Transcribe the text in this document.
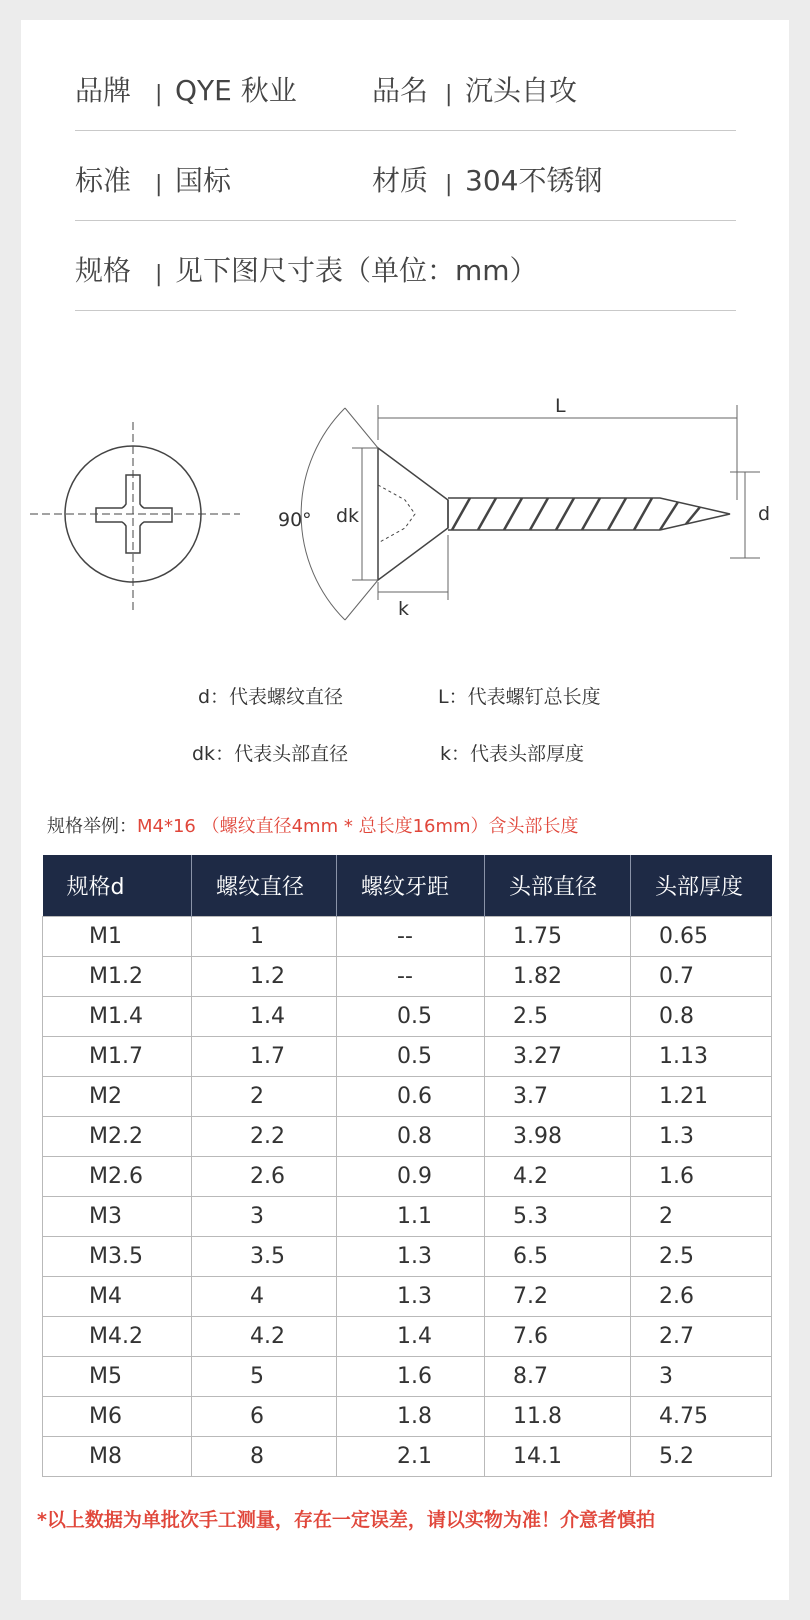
品牌 | QYE 秋业	品名 | 沉头自攻
标准 | 国标	材质 | 304不锈钢
规格 | 见下图尺寸表（单位：mm）
90° dk
L
d
k
d：代表螺纹直径	L：代表螺钉总长度
dk：代表头部直径	k：代表头部厚度
规格举例：M4*16 （螺纹直径4mm * 总长度16mm）含头部长度
规格d	螺纹直径	螺纹牙距	头部直径	头部厚度
M1	1	--	1.75	0.65
M1.2	1.2	--	1.82	0.7
M1.4	1.4	0.5	2.5	0.8
M1.7	1.7	0.5	3.27	1.13
M2	2	0.6	3.7	1.21
M2.2	2.2	0.8	3.98	1.3
M2.6	2.6	0.9	4.2	1.6
M3	3	1.1	5.3	2
M3.5	3.5	1.3	6.5	2.5
M4	4	1.3	7.2	2.6
M4.2	4.2	1.4	7.6	2.7
M5	5	1.6	8.7	3
M6	6	1.8	11.8	4.75
M8	8	2.1	14.1	5.2
*以上数据为单批次手工测量，存在一定误差，请以实物为准！介意者慎拍
